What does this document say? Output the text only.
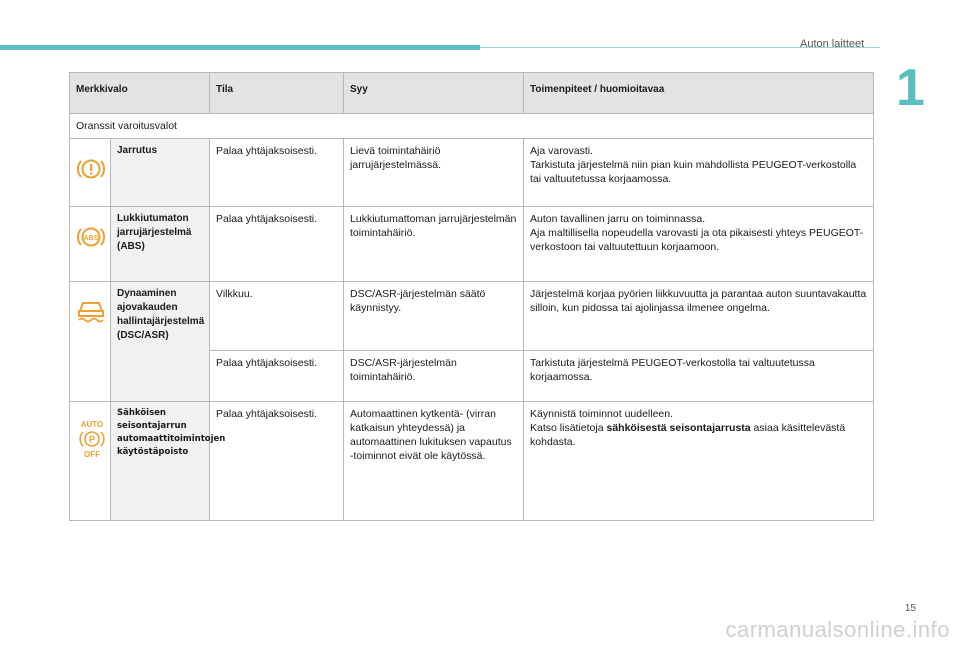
Auton laitteet
1
Merkkivalo		Tila	Syy	Toimenpiteet / huomioitavaa
Oranssit varoitusvalot				
	Jarrutus	Palaa yhtäjaksoisesti.	Lievä toimintahäiriö jarrujärjestelmässä.	Aja varovasti.
Tarkistuta järjestelmä niin pian kuin mahdollista PEUGEOT-verkostolla tai valtuutetussa korjaamossa.

ABS	Lukkiutumaton jarrujärjestelmä (ABS)	Palaa yhtäjaksoisesti.	Lukkiutumattoman jarrujärjestelmän toimintahäiriö.	Auton tavallinen jarru on toiminnassa.
Aja maltillisella nopeudella varovasti ja ota pikaisesti yhteys PEUGEOT-verkostoon tai valtuutettuun korjaamoon.
	Dynaaminen ajovakauden hallintajärjestelmä (DSC/ASR)	Vilkkuu.	DSC/ASR-järjestelmän säätö käynnistyy.	Järjestelmä korjaa pyörien liikkuvuutta ja parantaa auton suuntavakautta silloin, kun pidossa tai ajolinjassa ilmenee ongelma.
		Palaa yhtäjaksoisesti.	DSC/ASR-järjestelmän toimintahäiriö.	Tarkistuta järjestelmä PEUGEOT-verkostolla tai valtuutetussa korjaamossa.

AUTO
P
OFF	Sähköisen seisontajarrun automaattitoimintojen käytöstäpoisto	Palaa yhtäjaksoisesti.	Automaattinen kytkentä- (virran katkaisun yhteydessä) ja automaattinen lukituksen vapautus -toiminnot eivät ole käytössä.	Käynnistä toiminnot uudelleen.
Katso lisätietoja sähköisestä seisontajarrusta asiaa käsittelevästä kohdasta.
15
carmanualsonline.info
